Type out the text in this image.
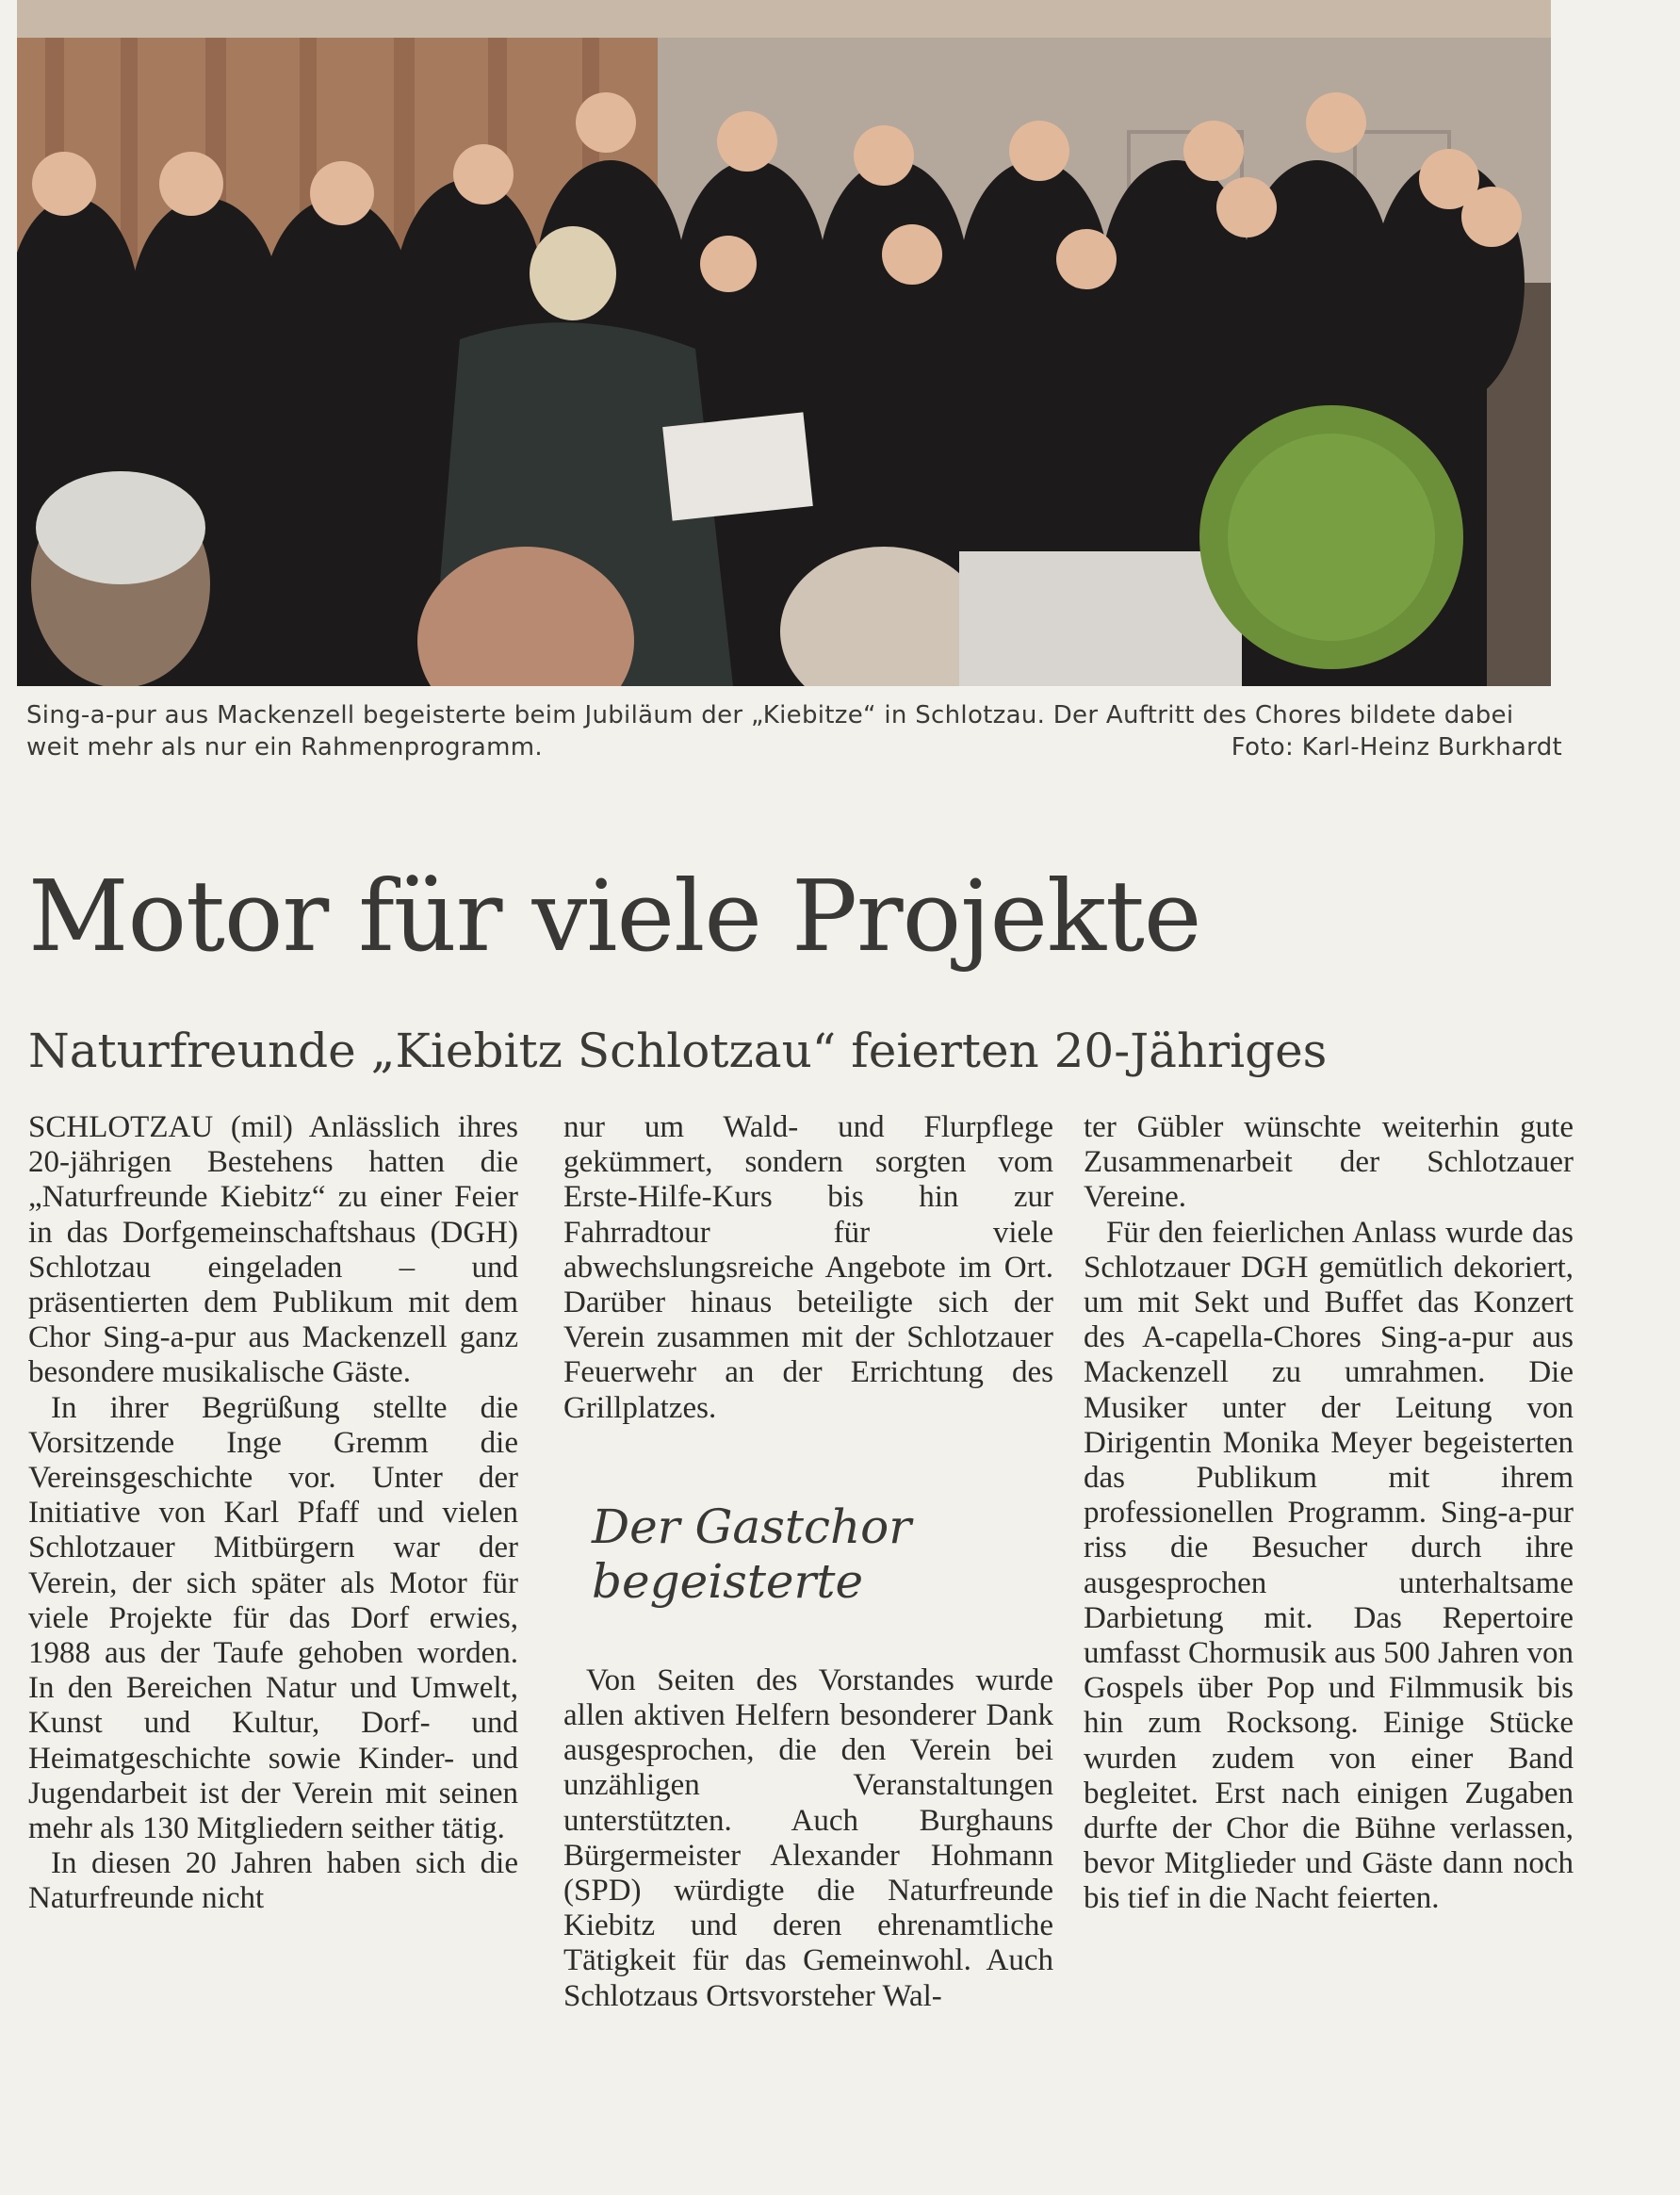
Sing-a-pur aus Mackenzell begeisterte beim Jubiläum der „Kiebitze“ in Schlotzau. Der Auftritt des Chores bildete dabei weit mehr als nur ein Rahmenprogramm.	Foto: Karl-Heinz Burkhardt
Motor für viele Projekte
Naturfreunde „Kiebitz Schlotzau“ feierten 20-Jähriges

SCHLOTZAU (mil) Anlässlich ihres 20-jährigen Bestehens hatten die „Naturfreunde Kiebitz“ zu einer Feier in das Dorfgemeinschaftshaus (DGH) Schlotzau eingeladen – und präsentierten dem Publikum mit dem Chor Sing-a-pur aus Mackenzell ganz besondere musikalische Gäste.

In ihrer Begrüßung stellte die Vorsitzende Inge Gremm die Vereinsgeschichte vor. Unter der Initiative von Karl Pfaff und vielen Schlotzauer Mitbürgern war der Verein, der sich später als Motor für viele Projekte für das Dorf erwies, 1988 aus der Taufe gehoben worden. In den Bereichen Natur und Umwelt, Kunst und Kultur, Dorf- und Heimatgeschichte sowie Kinder- und Jugendarbeit ist der Verein mit seinen mehr als 130 Mitgliedern seither tätig.

In diesen 20 Jahren haben sich die Naturfreunde nicht

nur um Wald- und Flurpflege gekümmert, sondern sorgten vom Erste-Hilfe-Kurs bis hin zur Fahrradtour für viele abwechslungsreiche Angebote im Ort. Darüber hinaus beteiligte sich der Verein zusammen mit der Schlotzauer Feuerwehr an der Errichtung des Grillplatzes.

Der Gastchor begeisterte

Von Seiten des Vorstandes wurde allen aktiven Helfern besonderer Dank ausgesprochen, die den Verein bei unzähligen Veranstaltungen unterstützten. Auch Burghauns Bürgermeister Alexander Hohmann (SPD) würdigte die Naturfreunde Kiebitz und deren ehrenamtliche Tätigkeit für das Gemeinwohl. Auch Schlotzaus Ortsvorsteher Wal-

ter Gübler wünschte weiterhin gute Zusammenarbeit der Schlotzauer Vereine.

Für den feierlichen Anlass wurde das Schlotzauer DGH gemütlich dekoriert, um mit Sekt und Buffet das Konzert des A-capella-Chores Sing-a-pur aus Mackenzell zu umrahmen. Die Musiker unter der Leitung von Dirigentin Monika Meyer begeisterten das Publikum mit ihrem professionellen Programm. Sing-a-pur riss die Besucher durch ihre ausgesprochen unterhaltsame Darbietung mit. Das Repertoire umfasst Chormusik aus 500 Jahren von Gospels über Pop und Filmmusik bis hin zum Rocksong. Einige Stücke wurden zudem von einer Band begleitet. Erst nach einigen Zugaben durfte der Chor die Bühne verlassen, bevor Mitglieder und Gäste dann noch bis tief in die Nacht feierten.
